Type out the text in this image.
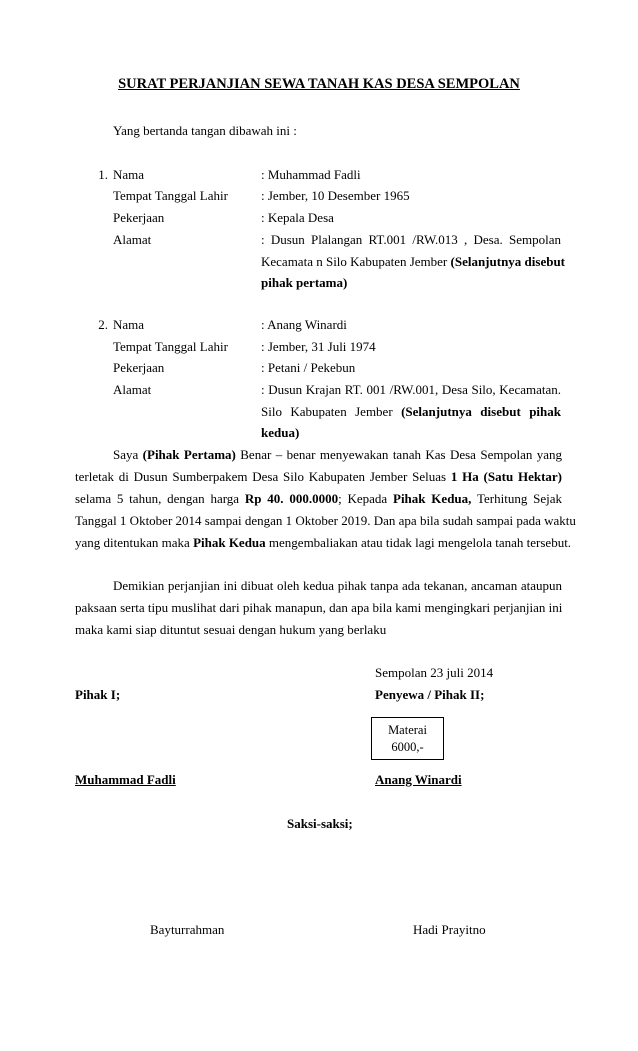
SURAT PERJANJIAN SEWA TANAH KAS DESA SEMPOLAN
Yang bertanda tangan dibawah ini :
1. Nama	: Muhammad Fadli
Tempat Tanggal Lahir	: Jember, 10 Desember 1965
Pekerjaan	: Kepala Desa
Alamat	: Dusun Plalangan RT.001 /RW.013 , Desa. Sempolan
Kecamata n Silo Kabupaten Jember (Selanjutnya disebut
pihak pertama)
2. Nama	: Anang Winardi
Tempat Tanggal Lahir	: Jember, 31 Juli 1974
Pekerjaan	: Petani / Pekebun
Alamat	: Dusun Krajan RT. 001 /RW.001, Desa Silo, Kecamatan.
Silo Kabupaten Jember (Selanjutnya disebut pihak
kedua)
Saya (Pihak Pertama) Benar – benar menyewakan tanah Kas Desa Sempolan yang
terletak di Dusun Sumberpakem Desa Silo Kabupaten Jember Seluas 1 Ha (Satu Hektar)
selama 5 tahun, dengan harga Rp 40. 000.0000; Kepada Pihak Kedua, Terhitung Sejak
Tanggal 1 Oktober 2014 sampai dengan 1 Oktober 2019. Dan apa bila sudah sampai pada waktu
yang ditentukan maka Pihak Kedua mengembaliakan atau tidak lagi mengelola tanah tersebut.
Demikian perjanjian ini dibuat oleh kedua pihak tanpa ada tekanan, ancaman ataupun
paksaan serta tipu muslihat dari pihak manapun, dan apa bila kami mengingkari perjanjian ini
maka kami siap dituntut sesuai dengan hukum yang berlaku
Sempolan 23 juli 2014
Pihak I;	Penyewa / Pihak II;
Materai
6000,-
Muhammad Fadli	Anang Winardi
Saksi-saksi;
Bayturrahman	Hadi Prayitno
